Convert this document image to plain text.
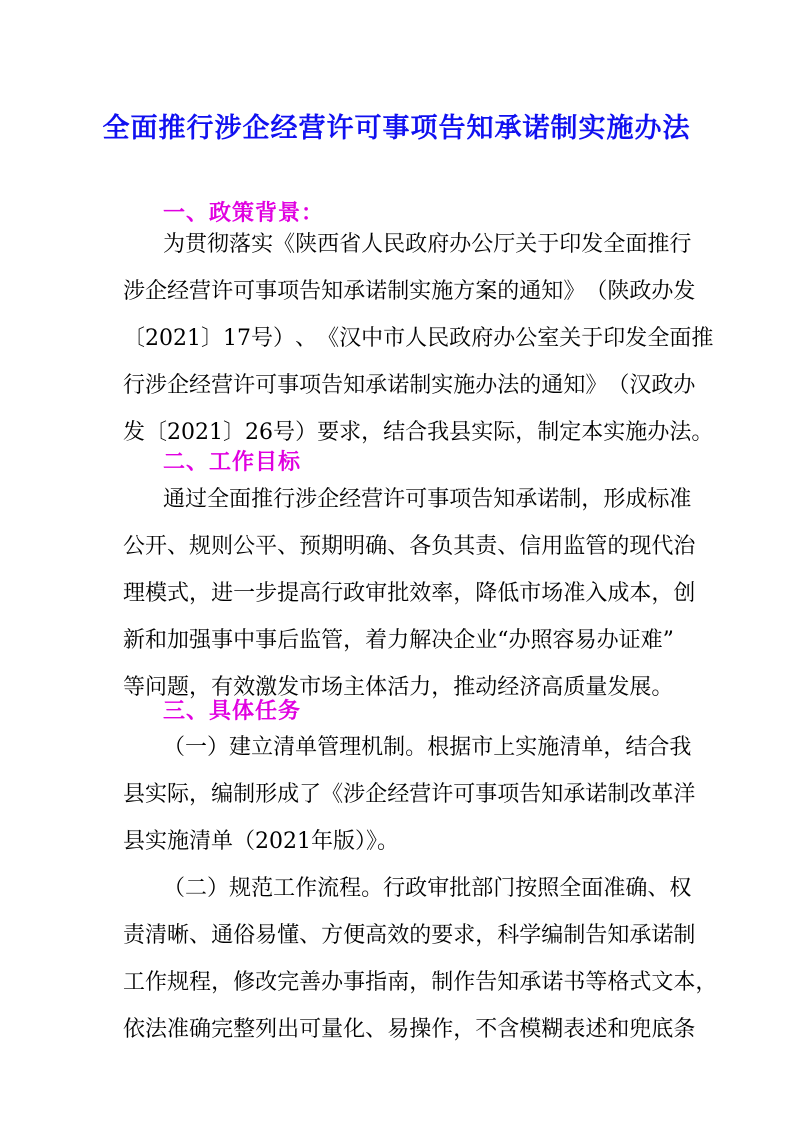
全面推行涉企经营许可事项告知承诺制实施办法
一、政策背景：
为 贯 彻 落 实 《 陕 西 省 人 民 政 府 办 公 厅 关 于 印 发 全 面 推 行
涉 企 经 营 许 可 事 项 告 知 承 诺 制 实 施 方 案 的 通 知 》 （ 陕 政 办 发
〔 2 0 2 1 〕 1 7 号 ） 、 《 汉 中 市 人 民 政 府 办 公 室 关 于 印 发 全 面 推
行 涉 企 经 营 许 可 事 项 告 知 承 诺 制 实 施 办 法 的 通 知 》 （ 汉 政 办
发 〔 2 0 2 1 〕 2 6 号 ） 要 求 ， 结 合 我 县 实 际 ， 制 定 本 实 施 办 法 。
二、工作目标
通 过 全 面 推 行 涉 企 经 营 许 可 事 项 告 知 承 诺 制 ， 形 成 标 准
公 开 、 规 则 公 平 、 预 期 明 确 、 各 负 其 责 、 信 用 监 管 的 现 代 治
理 模 式 ， 进 一 步 提 高 行 政 审 批 效 率 ， 降 低 市 场 准 入 成 本 ， 创
新 和 加 强 事 中 事 后 监 管 ， 着 力 解 决 企 业 “ 办 照 容 易 办 证 难 ”
等 问 题 ， 有 效 激 发 市 场 主 体 活 力 ， 推 动 经 济 高 质 量 发 展 。
三、具体任务
（ 一 ） 建 立 清 单 管 理 机 制 。 根 据 市 上 实 施 清 单 ， 结 合 我
县 实 际 ， 编 制 形 成 了 《 涉 企 经 营 许 可 事 项 告 知 承 诺 制 改 革 洋
县实施清单（2021年版）》。
（ 二 ） 规 范 工 作 流 程 。 行 政 审 批 部 门 按 照 全 面 准 确 、 权
责 清 晰 、 通 俗 易 懂 、 方 便 高 效 的 要 求 ， 科 学 编 制 告 知 承 诺 制
工 作 规 程 ， 修 改 完 善 办 事 指 南 ， 制 作 告 知 承 诺 书 等 格 式 文 本 ，
依 法 准 确 完 整 列 出 可 量 化 、 易 操 作 ， 不 含 模 糊 表 述 和 兜 底 条
